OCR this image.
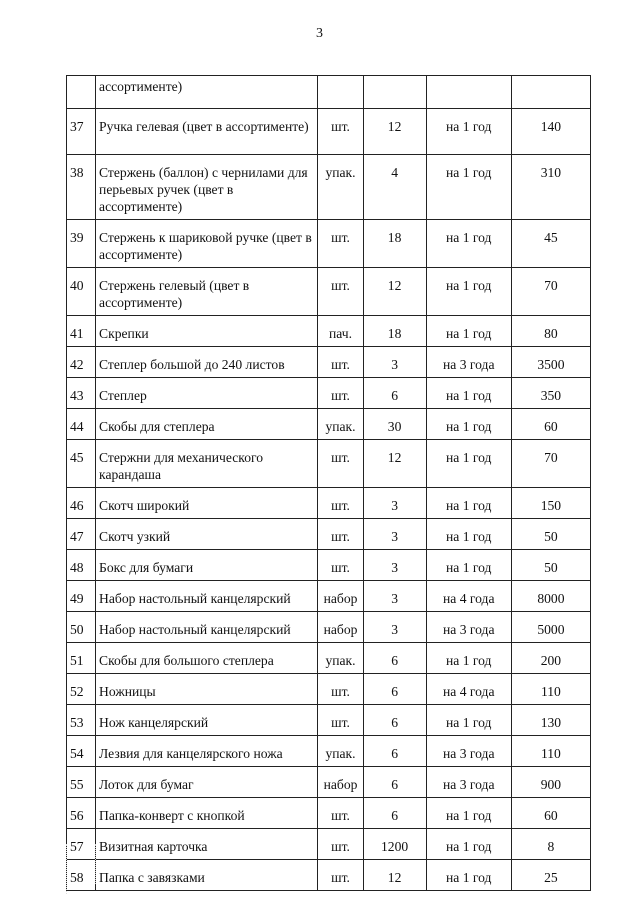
3
	ассортименте)				
37	Ручка гелевая (цвет в ассортименте)	шт.	12	на 1 год	140
38	Стержень (баллон) с чернилами для перьевых ручек (цвет в ассортименте)	упак.	4	на 1 год	310
39	Стержень к шариковой ручке (цвет в ассортименте)	шт.	18	на 1 год	45
40	Стержень гелевый (цвет в ассортименте)	шт.	12	на 1 год	70
41	Скрепки	пач.	18	на 1 год	80
42	Степлер большой до 240 листов	шт.	3	на 3 года	3500
43	Степлер	шт.	6	на 1 год	350
44	Скобы для степлера	упак.	30	на 1 год	60
45	Стержни для механического карандаша	шт.	12	на 1 год	70
46	Скотч широкий	шт.	3	на 1 год	150
47	Скотч узкий	шт.	3	на 1 год	50
48	Бокс для бумаги	шт.	3	на 1 год	50
49	Набор настольный канцелярский	набор	3	на 4 года	8000
50	Набор настольный канцелярский	набор	3	на 3 года	5000
51	Скобы для большого степлера	упак.	6	на 1 год	200
52	Ножницы	шт.	6	на 4 года	110
53	Нож канцелярский	шт.	6	на 1 год	130
54	Лезвия для канцелярского ножа	упак.	6	на 3 года	110
55	Лоток для бумаг	набор	6	на 3 года	900
56	Папка-конверт с кнопкой	шт.	6	на 1 год	60
57	Визитная карточка	шт.	1200	на 1 год	8
58	Папка с завязками	шт.	12	на 1 год	25
